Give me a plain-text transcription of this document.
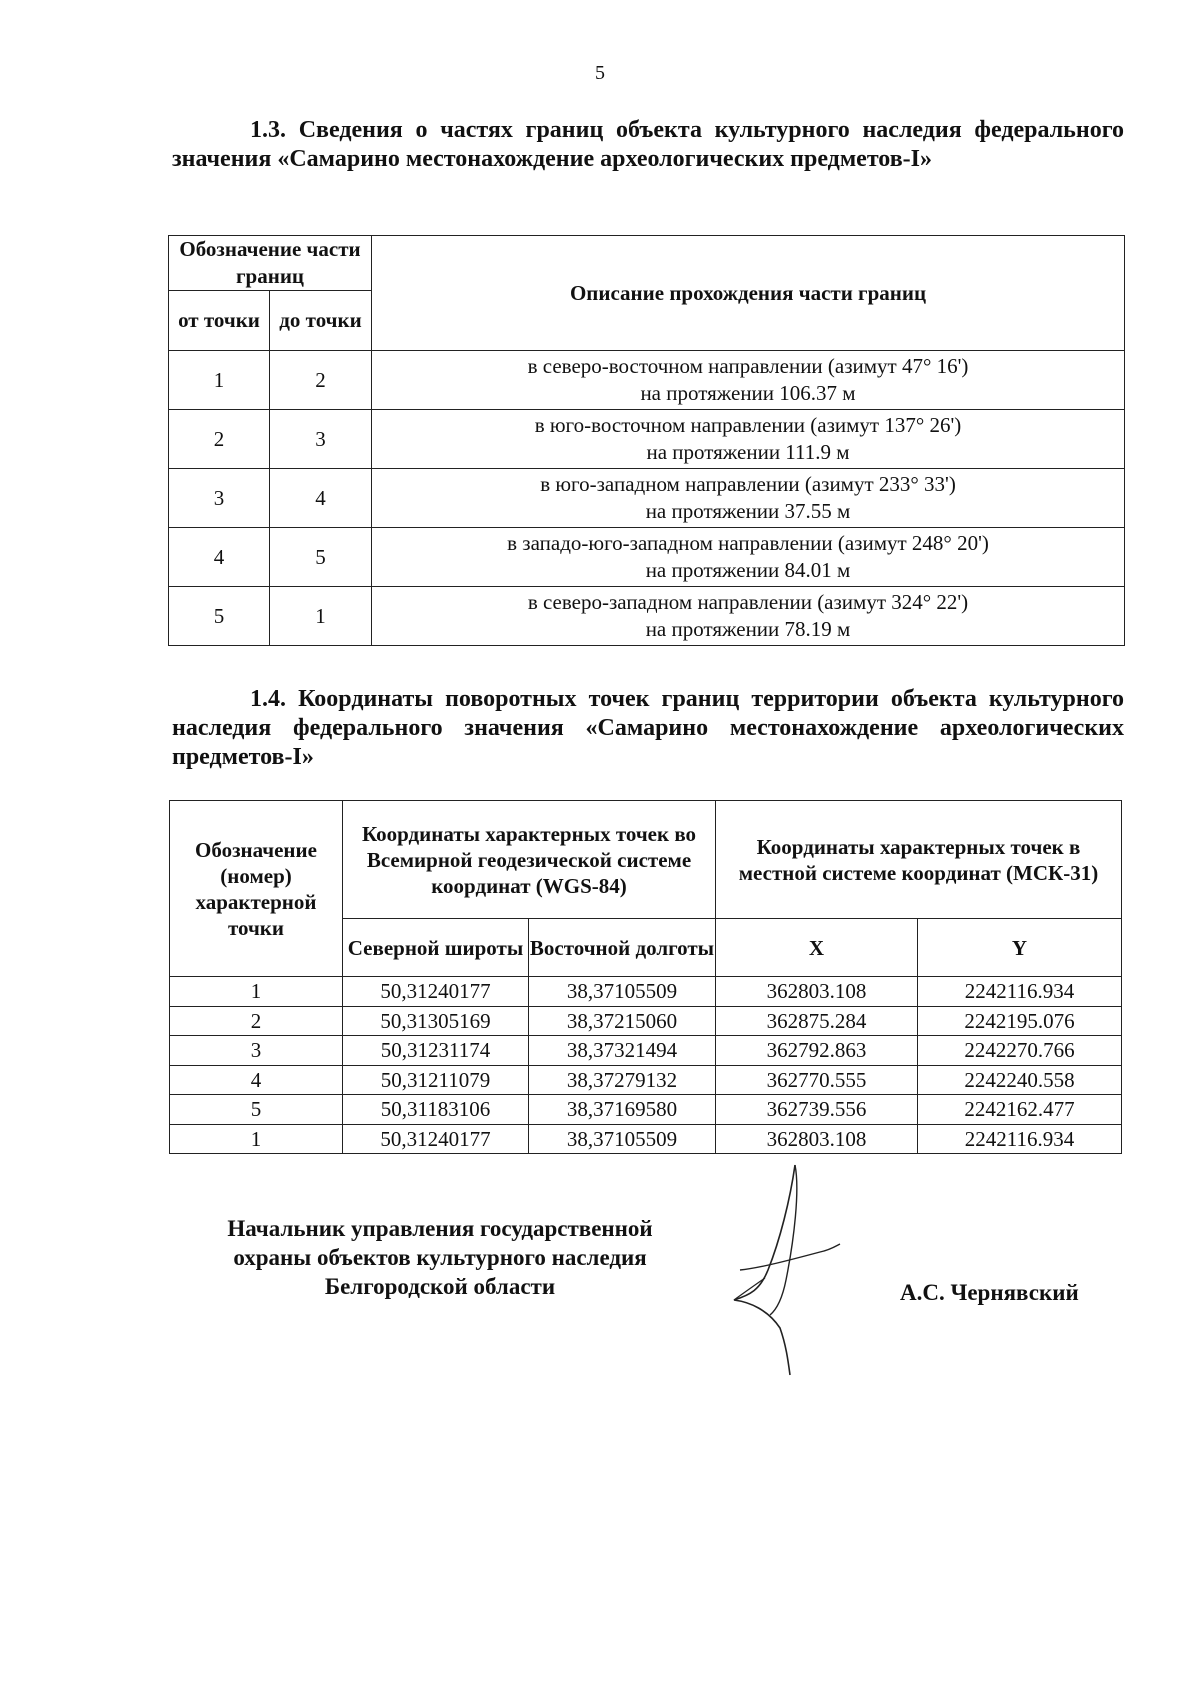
5
1.3. Сведения о частях границ объекта культурного наследия федерального значения «Самарино местонахождение археологических предметов-I»
Обозначение части границ		Описание прохождения части границ
от точки	до точки	
1	2	в северо-восточном направлении (азимут 47° 16')
на протяжении 106.37 м
2	3	в юго-восточном направлении (азимут 137° 26')
на протяжении 111.9 м
3	4	в юго-западном направлении (азимут 233° 33')
на протяжении 37.55 м
4	5	в западо-юго-западном направлении (азимут 248° 20')
на протяжении 84.01 м
5	1	в северо-западном направлении (азимут 324° 22')
на протяжении 78.19 м
1.4. Координаты поворотных точек границ территории объекта культурного наследия федерального значения «Самарино местонахождение археологических предметов-I»
Обозначение (номер) характерной точки	Координаты характерных точек во Всемирной геодезической системе координат (WGS-84)		Координаты характерных точек в местной системе координат (МСК-31)	
	Северной широты	Восточной долготы	X	Y
1	50,31240177	38,37105509	362803.108	2242116.934
2	50,31305169	38,37215060	362875.284	2242195.076
3	50,31231174	38,37321494	362792.863	2242270.766
4	50,31211079	38,37279132	362770.555	2242240.558
5	50,31183106	38,37169580	362739.556	2242162.477
1	50,31240177	38,37105509	362803.108	2242116.934
Начальник управления государственной
охраны объектов культурного наследия
Белгородской области	А.С. Чернявский
